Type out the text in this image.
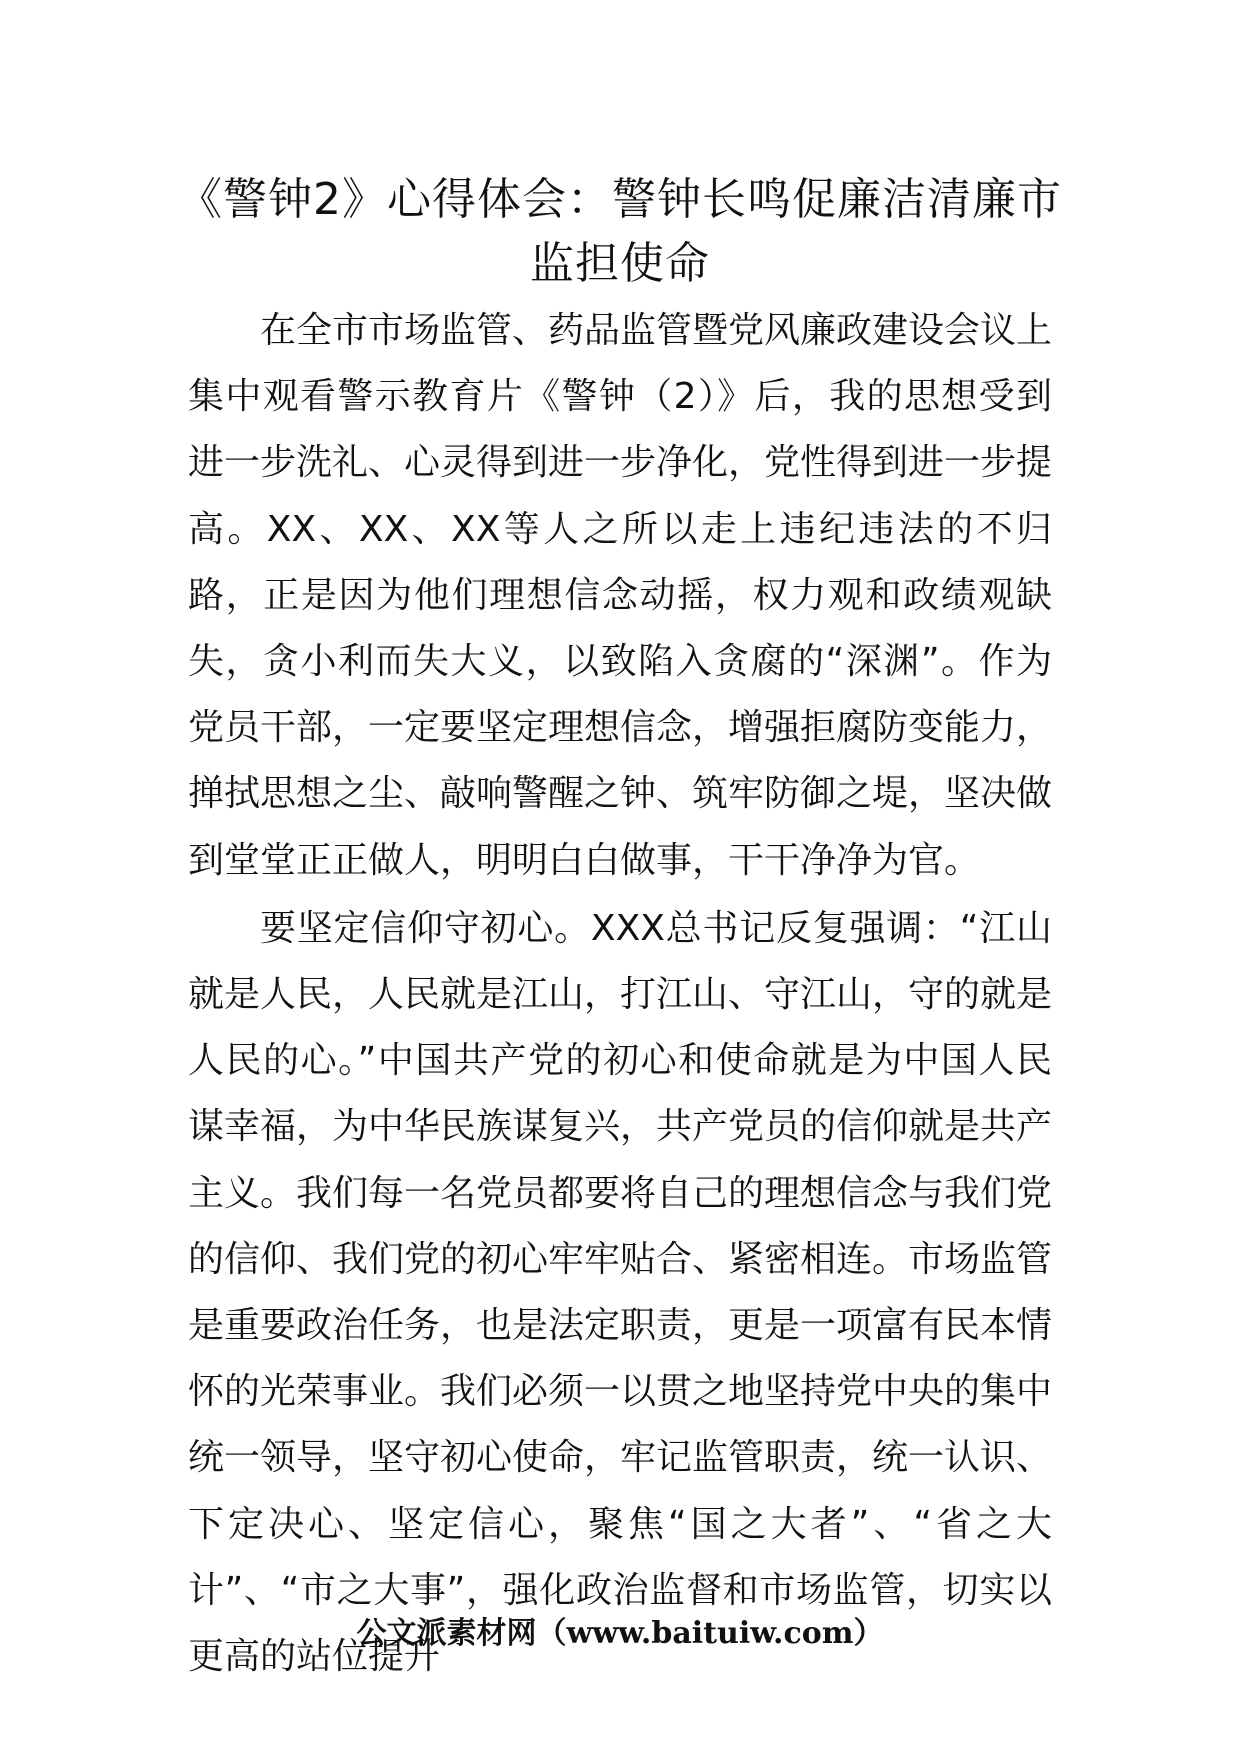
《警钟2》心得体会：警钟长鸣促廉洁清廉市监担使命

在全市市场监管、药品监管暨党风廉政建设会议上集中观看警示教育片《警钟（2）》后，我的思想受到进一步洗礼、心灵得到进一步净化，党性得到进一步提高。XX、XX、XX等人之所以走上违纪违法的不归路，正是因为他们理想信念动摇，权力观和政绩观缺失，贪小利而失大义，以致陷入贪腐的“深渊”。作为党员干部，一定要坚定理想信念，增强拒腐防变能力，掸拭思想之尘、敲响警醒之钟、筑牢防御之堤，坚决做到堂堂正正做人，明明白白做事，干干净净为官。

要坚定信仰守初心。XXX总书记反复强调：“江山就是人民，人民就是江山，打江山、守江山，守的就是人民的心。”中国共产党的初心和使命就是为中国人民谋幸福，为中华民族谋复兴，共产党员的信仰就是共产主义。我们每一名党员都要将自己的理想信念与我们党的信仰、我们党的初心牢牢贴合、紧密相连。市场监管是重要政治任务，也是法定职责，更是一项富有民本情怀的光荣事业。我们必须一以贯之地坚持党中央的集中统一领导，坚守初心使命，牢记监管职责，统一认识、下定决心、坚定信心，聚焦“国之大者”、“省之大计”、“市之大事”，强化政治监督和市场监管，切实以更高的站位提升

公文派素材网（www.baituiw.com）
